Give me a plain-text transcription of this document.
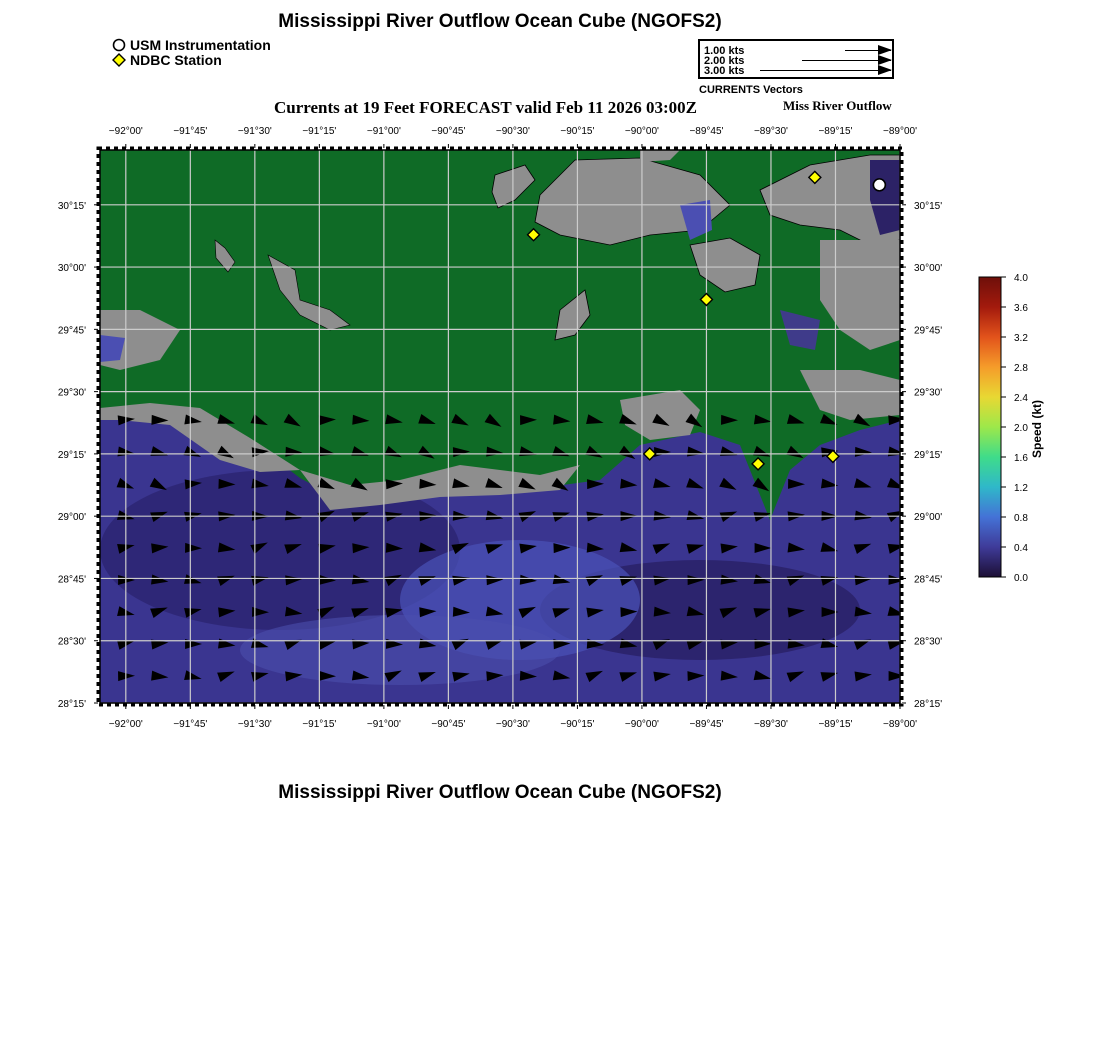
Mississippi River Outflow Ocean Cube (NGOFS2)
USM Instrumentation
NDBC Station
1.00 kts
2.00 kts
3.00 kts
CURRENTS Vectors
Currents at 19 Feet FORECAST valid Feb 11 2026 03:00Z	Miss River Outflow
−92°00'	−91°45'	−91°30'	−91°15'	−91°00'	−90°45'	−90°30'	−90°15'	−90°00'	−89°45'	−89°30'	−89°15'	−89°00'
−92°00'	−91°45'	−91°30'	−91°15'	−91°00'	−90°45'	−90°30'	−90°15'	−90°00'	−89°45'	−89°30'	−89°15'	−89°00'
30°15'
30°00'
29°45'
29°30'
29°15'
29°00'
28°45'
28°30'
28°15'
30°15'
30°00'
29°45'
29°30'
29°15'
29°00'
28°45'
28°30'
28°15'
4.0
3.6
3.2
2.8
2.4
2.0
1.6
1.2
0.8
0.4
0.0
Speed (kt)
Mississippi River Outflow Ocean Cube (NGOFS2)
